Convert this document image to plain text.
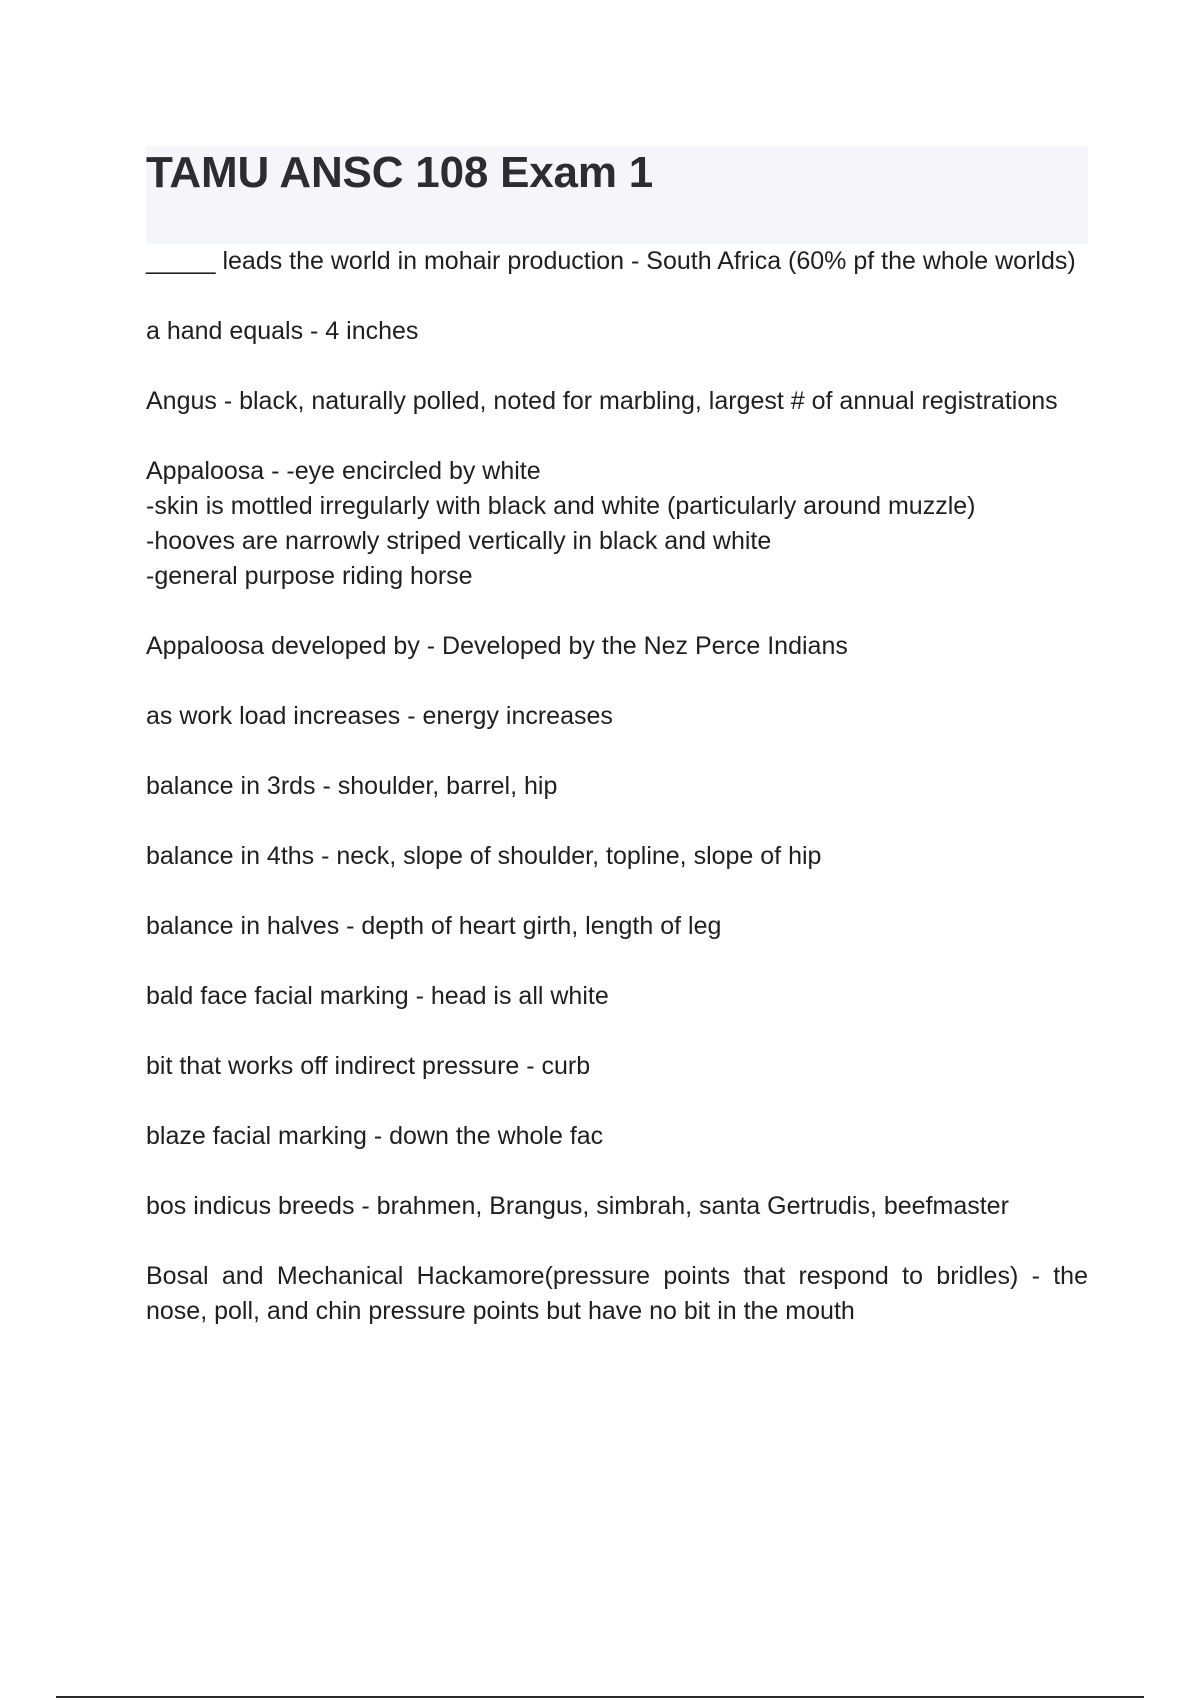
TAMU ANSC 108 Exam 1

_____ leads the world in mohair production - South Africa (60% pf the whole worlds)

a hand equals - 4 inches

Angus - black, naturally polled, noted for marbling, largest # of annual registrations

Appaloosa - -eye encircled by white
-skin is mottled irregularly with black and white (particularly around muzzle)
-hooves are narrowly striped vertically in black and white
-general purpose riding horse

Appaloosa developed by - Developed by the Nez Perce Indians

as work load increases - energy increases

balance in 3rds - shoulder, barrel, hip

balance in 4ths - neck, slope of shoulder, topline, slope of hip

balance in halves - depth of heart girth, length of leg

bald face facial marking - head is all white

bit that works off indirect pressure - curb

blaze facial marking - down the whole fac

bos indicus breeds - brahmen, Brangus, simbrah, santa Gertrudis, beefmaster

Bosal and Mechanical Hackamore(pressure points that respond to bridles) - the nose, poll, and chin pressure points but have no bit in the mouth
